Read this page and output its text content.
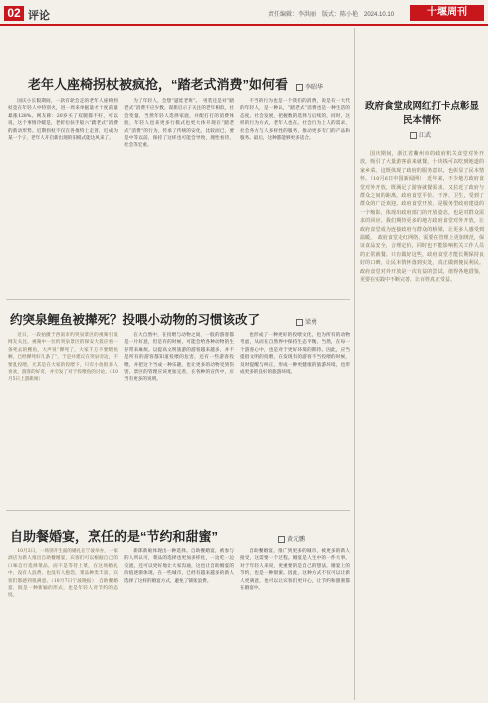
02 评论	责任编辑：李洪丽　版式：陈小艳　2024.10.10	十堰周刊
老年人座椅拐杖被疯抢，“踏老式消费”如何看	李昭华

国庆小长假期间，一款有轮会走的老年人座椅拐杖竟在年轻人中特别火，进一周来单据量才十度前量暴涨128%。网友称：20岁买了双腿都不好，可以说，这个事情冷暖是，老折衍扶手般六“踏老式”消费的新动形势。近期拐杖不仅在各推特上走普，近成为某一个子，老年人开启新出现的旧模式能达风来了。

为了年轻人，会想“遛娃老班”。　男装还是对“踏老式”消费不应少数，谋新启示子关注的老年相似，社会变量，当然年轻人选择家庭，并配打打的消费体验，年轻人也来更多行模式也更大体开现在“踏老式”消费”的行为，传承了传统的安化，比较而已，要是中等以前，保持了这样也可能会导致，理性看待，社会等宏重。

不当的行为也是一个我们的消费，说是有一大代的年轻人，是一种认，“踏老式”消费也是一种生活的态度。社会发展，把握数的选择与后续的，同时，这样的行为方式，老年人也在。社会行为上人的需求，社会各方与人多样性的服务，推动更多专门的产品和服务。最后，这种都能够更多适合。

约突泉鲤鱼被撵死？投喂小动物的习惯该改了	梁勇

近日，一段拍摄于西南市约突泉景区的视频引发网友关注。视频中一位约突泉景区的保安大叔应看一条死去的鲤鱼，大声说“撵死了，大家千万不要喂鱼啊，已经撵死好几条了”，于是并建议在突泉旁边，不要乱投喂，尤其是在大家的投喂下，只有小鱼很多人喜欢，游客的好奇，并引发了对于投喂鱼的讨论。（10月5日上游新闻）

在大自然中，在投喂与动物之间，一般的游客都是一片好意，但是有的时候，可能会给各种动物的生存带来麻烦。以提高文明旅游的游客越来越多，并不是所有的游客都知道投喂的危害，还有一些游客投喂，并把这个当成一种乐趣，也让更多的动物受到伤害。景区的管理应该更加完善，在各种的宣传中，应当有更多的说明。

也形成了一种更好的投喂文化，也为所有的动物考虑，从而在自然界中保持生态平衡。当然，在每一个游客心中，也是对于更好环境的期待。因此，应当提倡文明的投喂，在发现有的游客不当投喂的时候，及时提醒与纠正，形成一种更健康的旅游环境，也形成更多的良好的旅游环境。

自助餐婚宴，烹任的是“节约和甜蜜”	黄元鹏

10月3日，一场别开生面的婚礼在宁波举办，一家酒店为新人推出自助餐婚宴，宾客们可以根据自己的口味自行选择菜品，而不是等待上菜，在这场婚礼中，没有人浪费，也没有人抱怨，菜品种类丰富，宾客们都感到很满意。（10月7日宁波晚报）　自助餐婚宴，既是一种新颖的形式，也是年轻人对节约的态度。

新郎新娘体现出一种选择。自助餐婚宴，被参与的人所认可，菜品的选择也更加多样化，一边吃一边交流，还可以更好地让大家沟通，这也让自助婚宴的价值逐渐体现。在一些城市，已经有越来越多的新人选择了这样的婚宴方式，避免了铺张浪费。

自助餐婚宴，推广到更多的城市，被更多的新人接受，这需要一个过程。婚宴是人生中的一件大事，对于年轻人来说，更重要的是自己的想法，婚宴上的节约，也是一种甜蜜。因此，这种方式不仅可以让新人更满意，也可以让宾客们更开心，让节约和甜蜜都在婚宴中。

政府食堂成网红打卡点彰显民本情怀
江武

国庆期间，浙江省衢州市的政府机关食堂对外开放，吸引了大量游客前来就餐，十块钱可以吃到地道的家乡菜。这既体现了政府的服务意识，也彰显了民本情怀。（10月6日中国新闻网）　近年来，不少地方政府食堂对外开放，既满足了游客就餐需求，又拉近了政府与群众之间的距离。政府食堂平价、干净、卫生，受到了群众的广泛欢迎。政府食堂开放，是服务型政府建设的一个缩影，体现出政府部门的开放姿态，也是对群众需求的回应。我们期待更多的地方政府食堂对外开放，让政府食堂成为连接政府与群众的桥梁，让更多人感受到温暖。　政府食堂走红网络，需要在管理上更加规范，保证食品安全，合理定价，同时也不能影响机关工作人员的正常就餐。只有做好这些，政府食堂才能长期保持良好的口碑，让民本情怀落到实处，真正做到便民利民。政府食堂对外开放是一次有益的尝试，值得各地借鉴，更要在实践中不断完善，让百姓真正受益。
